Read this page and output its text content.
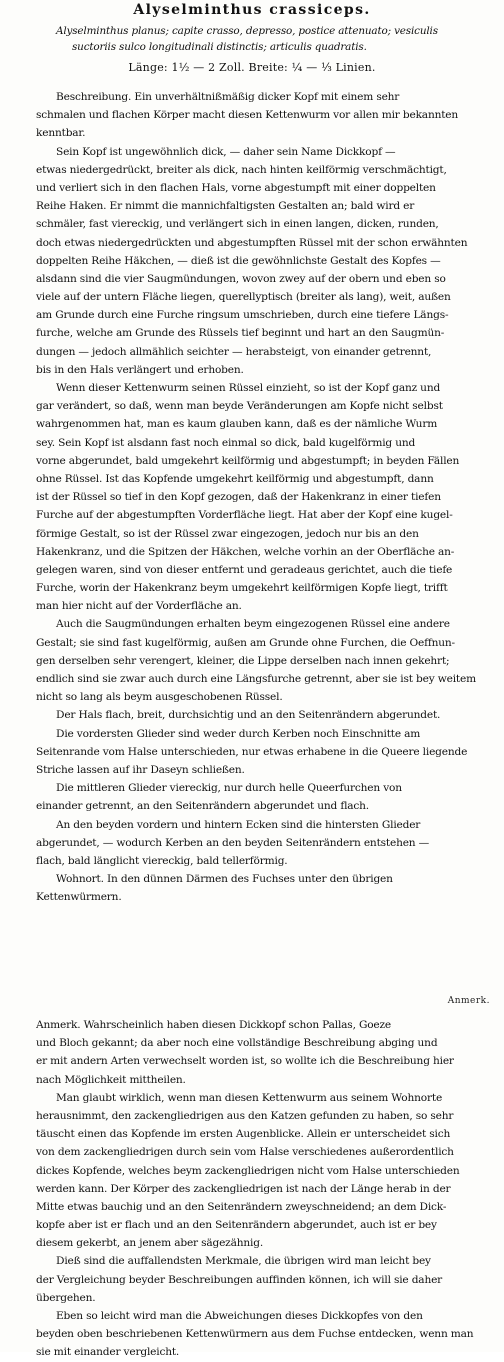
Alyselminthus crassiceps.
Alyselminthus planus; capite crasso, depresso, postice attenuato; vesiculis
suctoriis sulco longitudinali distinctis; articulis quadratis.
Länge: 1½ — 2 Zoll. Breite: ¼ — ⅓ Linien.
Beschreibung. Ein unverhältnißmäßig dicker Kopf mit einem sehr
schmalen und flachen Körper macht diesen Kettenwurm vor allen mir bekannten
kenntbar.
Sein Kopf ist ungewöhnlich dick, — daher sein Name Dickkopf —
etwas niedergedrückt, breiter als dick, nach hinten keilförmig verschmächtigt,
und verliert sich in den flachen Hals, vorne abgestumpft mit einer doppelten
Reihe Haken. Er nimmt die mannichfaltigsten Gestalten an; bald wird er
schmäler, fast viereckig, und verlängert sich in einen langen, dicken, runden,
doch etwas niedergedrückten und abgestumpften Rüssel mit der schon erwähnten
doppelten Reihe Häkchen, — dieß ist die gewöhnlichste Gestalt des Kopfes —
alsdann sind die vier Saugmündungen, wovon zwey auf der obern und eben so
viele auf der untern Fläche liegen, querellyptisch (breiter als lang), weit, außen
am Grunde durch eine Furche ringsum umschrieben, durch eine tiefere Längs-
furche, welche am Grunde des Rüssels tief beginnt und hart an den Saugmün-
dungen — jedoch allmählich seichter — herabsteigt, von einander getrennt,
bis in den Hals verlängert und erhoben.
Wenn dieser Kettenwurm seinen Rüssel einzieht, so ist der Kopf ganz und
gar verändert, so daß, wenn man beyde Veränderungen am Kopfe nicht selbst
wahrgenommen hat, man es kaum glauben kann, daß es der nämliche Wurm
sey. Sein Kopf ist alsdann fast noch einmal so dick, bald kugelförmig und
vorne abgerundet, bald umgekehrt keilförmig und abgestumpft; in beyden Fällen
ohne Rüssel. Ist das Kopfende umgekehrt keilförmig und abgestumpft, dann
ist der Rüssel so tief in den Kopf gezogen, daß der Hakenkranz in einer tiefen
Furche auf der abgestumpften Vorderfläche liegt. Hat aber der Kopf eine kugel-
förmige Gestalt, so ist der Rüssel zwar eingezogen, jedoch nur bis an den
Hakenkranz, und die Spitzen der Häkchen, welche vorhin an der Oberfläche an-
gelegen waren, sind von dieser entfernt und geradeaus gerichtet, auch die tiefe
Furche, worin der Hakenkranz beym umgekehrt keilförmigen Kopfe liegt, trifft
man hier nicht auf der Vorderfläche an.
Auch die Saugmündungen erhalten beym eingezogenen Rüssel eine andere
Gestalt; sie sind fast kugelförmig, außen am Grunde ohne Furchen, die Oeffnun-
gen derselben sehr verengert, kleiner, die Lippe derselben nach innen gekehrt;
endlich sind sie zwar auch durch eine Längsfurche getrennt, aber sie ist bey weitem
nicht so lang als beym ausgeschobenen Rüssel.
Der Hals flach, breit, durchsichtig und an den Seitenrändern abgerundet.
Die vordersten Glieder sind weder durch Kerben noch Einschnitte am
Seitenrande vom Halse unterschieden, nur etwas erhabene in die Queere liegende
Striche lassen auf ihr Daseyn schließen.
Die mittleren Glieder viereckig, nur durch helle Queerfurchen von
einander getrennt, an den Seitenrändern abgerundet und flach.
An den beyden vordern und hintern Ecken sind die hintersten Glieder
abgerundet, — wodurch Kerben an den beyden Seitenrändern entstehen —
flach, bald länglicht viereckig, bald tellerförmig.
Wohnort. In den dünnen Därmen des Fuchses unter den übrigen
Kettenwürmern.
Anmerk.
Anmerk. Wahrscheinlich haben diesen Dickkopf schon Pallas, Goeze
und Bloch gekannt; da aber noch eine vollständige Beschreibung abging und
er mit andern Arten verwechselt worden ist, so wollte ich die Beschreibung hier
nach Möglichkeit mittheilen.
Man glaubt wirklich, wenn man diesen Kettenwurm aus seinem Wohnorte
herausnimmt, den zackengliedrigen aus den Katzen gefunden zu haben, so sehr
täuscht einen das Kopfende im ersten Augenblicke. Allein er unterscheidet sich
von dem zackengliedrigen durch sein vom Halse verschiedenes außerordentlich
dickes Kopfende, welches beym zackengliedrigen nicht vom Halse unterschieden
werden kann. Der Körper des zackengliedrigen ist nach der Länge herab in der
Mitte etwas bauchig und an den Seitenrändern zweyschneidend; an dem Dick-
kopfe aber ist er flach und an den Seitenrändern abgerundet, auch ist er bey
diesem gekerbt, an jenem aber sägezähnig.
Dieß sind die auffallendsten Merkmale, die übrigen wird man leicht bey
der Vergleichung beyder Beschreibungen auffinden können, ich will sie daher
übergehen.
Eben so leicht wird man die Abweichungen dieses Dickkopfes von den
beyden oben beschriebenen Kettenwürmern aus dem Fuchse entdecken, wenn man
sie mit einander vergleicht.
